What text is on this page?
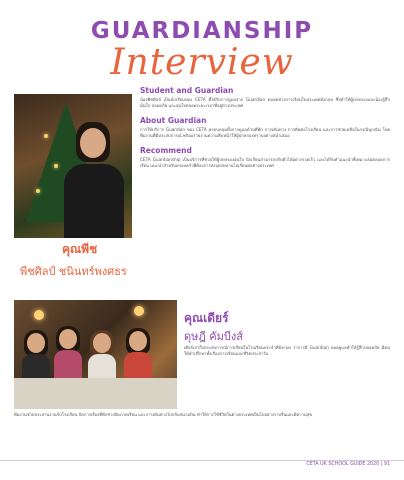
GUARDIANSHIP
Interview
คุณพีช
พีชศิลป์ ชนินทร์พงศธร
Student and Guardian

น้องพีชศิลป์ เป็นนักเรียนของ CETA ที่ได้รับการดูแลจาก Guardian ตลอดช่วงการเรียนในประเทศอังกฤษ ซึ่งทำให้ผู้ปกครองและน้องรู้สึกมั่นใจ ปลอดภัย และอุ่นใจตลอดระยะเวลาที่อยู่ต่างประเทศ

About Guardian

การให้บริการ Guardian ของ CETA ครอบคลุมทั้งการดูแลด้านที่พัก การเดินทาง การติดต่อโรงเรียน และการช่วยเหลือในกรณีฉุกเฉิน โดยทีมงานที่มีประสบการณ์ พร้อมรายงานความคืบหน้าให้ผู้ปกครองทราบอย่างสม่ำเสมอ

Recommend

CETA Guardianship เป็นบริการที่ช่วยให้ผู้ปกครองอุ่นใจ นักเรียนสามารถปรับตัวได้อย่างรวดเร็ว และได้รับคำแนะนำที่เหมาะสมตลอดการเรียน แนะนำสำหรับครอบครัวที่ต้องการส่งบุตรหลานไปเรียนต่อต่างประเทศ

คุณเดียร์
ดุษฎี คัมบีงส์

เดียร์เล่าถึงประสบการณ์การเรียนในโรงเรียนประจำที่อังกฤษ ว่าการมี Guardian คอยดูแลทำให้รู้สึกปลอดภัย มีคนให้คำปรึกษาทั้งเรื่องการเรียนและชีวิตประจำวัน

ทีมงานช่วยประสานงานกับโรงเรียน จัดการเรื่องที่พักช่วงปิดภาคเรียน และการเดินทางไปกลับสนามบิน ทำให้การใช้ชีวิตในต่างประเทศเป็นไปอย่างราบรื่นและมีความสุข

CETA UK SCHOOL GUIDE 2020 | 91
